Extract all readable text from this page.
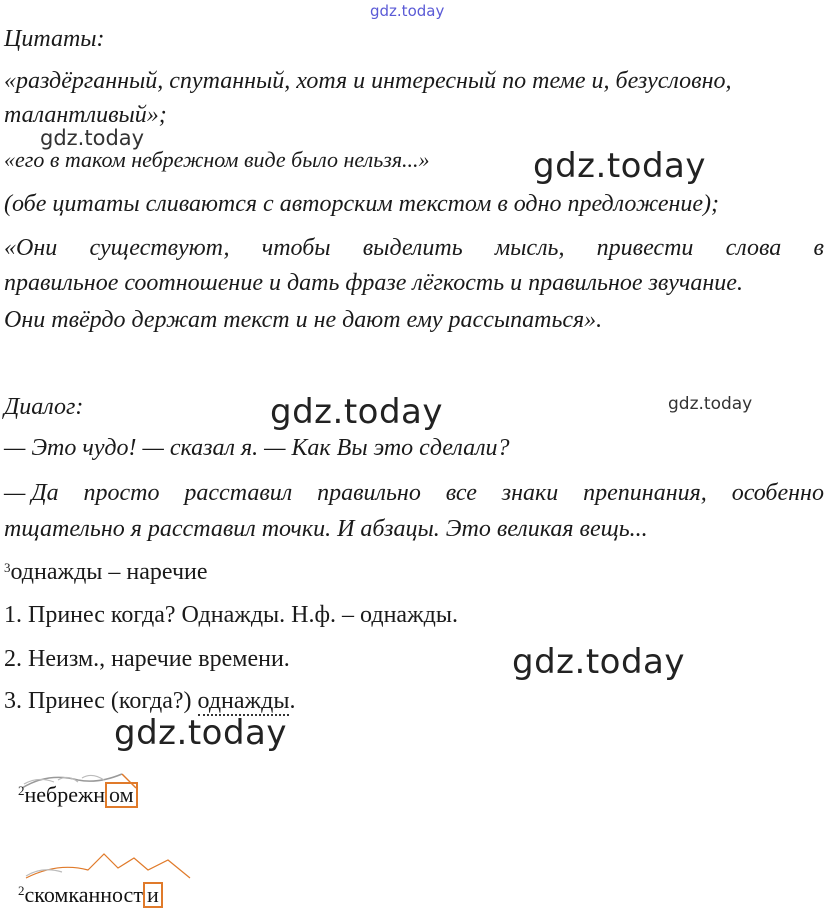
gdz.today
gdz.today
gdz.today
gdz.today	gdz.today
gdz.today
gdz.today
Цитаты:
«раздёрганный, спутанный, хотя и интересный по теме и, безусловно,
талантливый»;
«его в таком небрежном виде было нельзя...»
(обе цитаты сливаются с авторским текстом в одно предложение);
«Они существуют, чтобы выделить мысль, привести слова в
правильное соотношение и дать фразе лёгкость и правильное звучание.
Они твёрдо держат текст и не дают ему рассыпаться».
Диалог:
— Это чудо! — сказал я. — Как Вы это сделали?
— Да просто расставил правильно все знаки препинания, особенно
тщательно я расставил точки. И абзацы. Это великая вещь...
$^3$однажды – наречие
1. Принес когда? Однажды. Н.ф. – однажды.
2. Неизм., наречие времени.
3. Принес (когда?) однажды.
$^2$небрежн ом
$^2$скомканност и
